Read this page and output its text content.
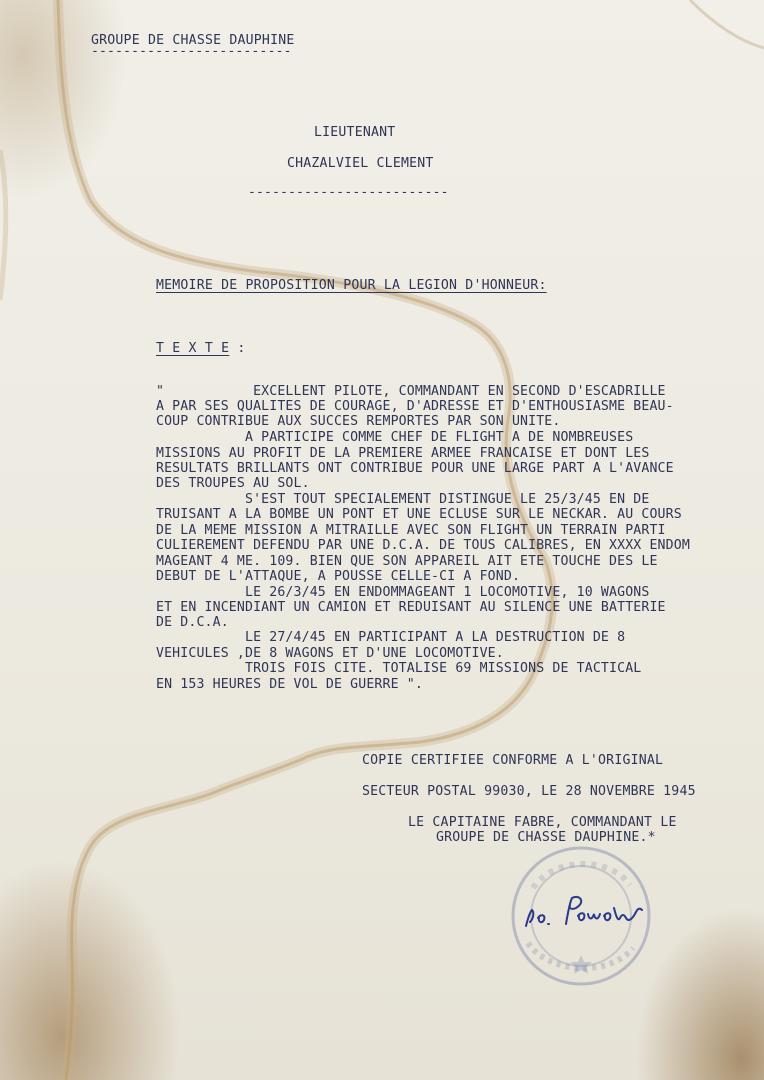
GROUPE DE CHASSE DAUPHINE
-------------------------
LIEUTENANT
CHAZALVIEL CLEMENT
-------------------------
MEMOIRE DE PROPOSITION POUR LA LEGION D'HONNEUR:
T E X T E :
"           EXCELLENT PILOTE, COMMANDANT EN SECOND D'ESCADRILLE
A PAR SES QUALITES DE COURAGE, D'ADRESSE ET D'ENTHOUSIASME BEAU-
COUP CONTRIBUE AUX SUCCES REMPORTES PAR SON UNITE.
A PARTICIPE COMME CHEF DE FLIGHT A DE NOMBREUSES
MISSIONS AU PROFIT DE LA PREMIERE ARMEE FRANCAISE ET DONT LES
RESULTATS BRILLANTS ONT CONTRIBUE POUR UNE LARGE PART A L'AVANCE
DES TROUPES AU SOL.
S'EST TOUT SPECIALEMENT DISTINGUE LE 25/3/45 EN DE
TRUISANT A LA BOMBE UN PONT ET UNE ECLUSE SUR LE NECKAR. AU COURS
DE LA MEME MISSION A MITRAILLE AVEC SON FLIGHT UN TERRAIN PARTI
CULIEREMENT DEFENDU PAR UNE D.C.A. DE TOUS CALIBRES, EN XXXX ENDOM
MAGEANT 4 ME. 109. BIEN QUE SON APPAREIL AIT ETE TOUCHE DES LE
DEBUT DE L'ATTAQUE, A POUSSE CELLE-CI A FOND.
LE 26/3/45 EN ENDOMMAGEANT 1 LOCOMOTIVE, 10 WAGONS
ET EN INCENDIANT UN CAMION ET REDUISANT AU SILENCE UNE BATTERIE
DE D.C.A.
LE 27/4/45 EN PARTICIPANT A LA DESTRUCTION DE 8
VEHICULES ,DE 8 WAGONS ET D'UNE LOCOMOTIVE.
TROIS FOIS CITE. TOTALISE 69 MISSIONS DE TACTICAL
EN 153 HEURES DE VOL DE GUERRE ".
COPIE CERTIFIEE CONFORME A L'ORIGINAL
SECTEUR POSTAL 99030, LE 28 NOVEMBRE 1945
LE CAPITAINE FABRE, COMMANDANT LE
GROUPE DE CHASSE DAUPHINE.*
